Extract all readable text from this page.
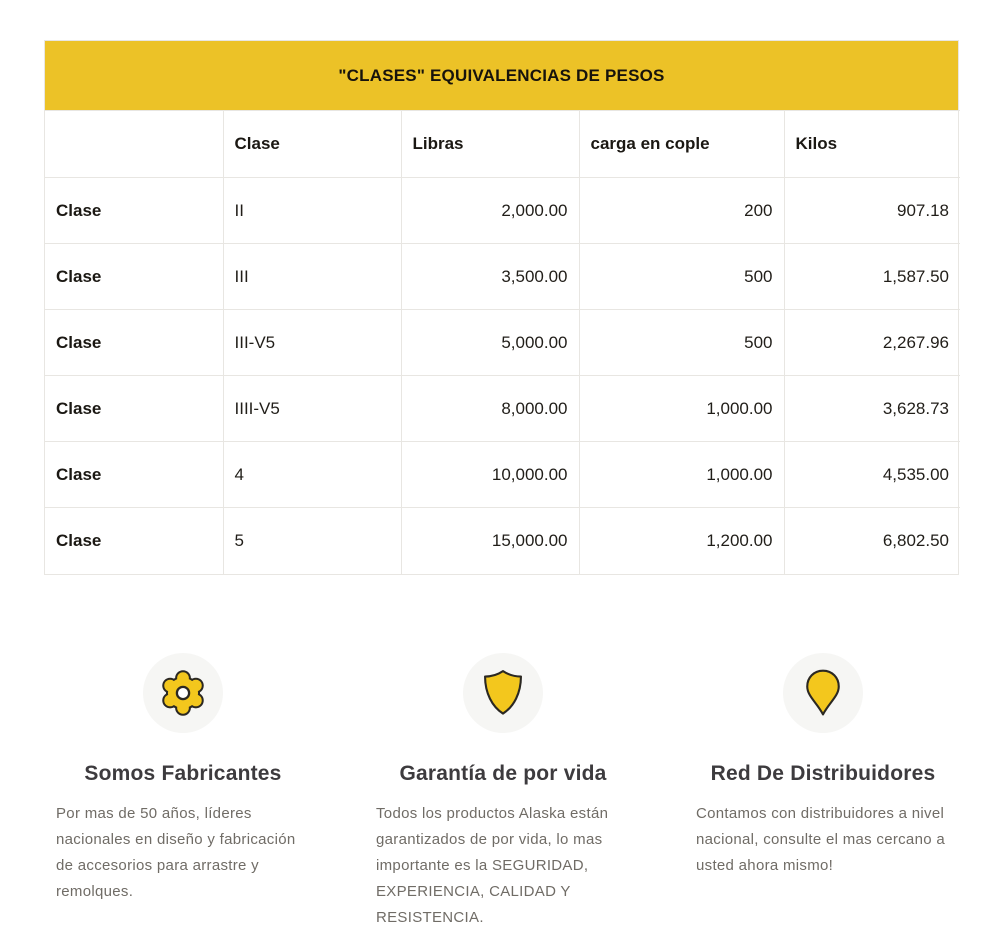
"CLASES" EQUIVALENCIAS DE PESOS
	Clase	Libras	carga en cople	Kilos
Clase	II	2,000.00	200	907.18
Clase	III	3,500.00	500	1,587.50
Clase	III-V5	5,000.00	500	2,267.96
Clase	IIII-V5	8,000.00	1,000.00	3,628.73
Clase	4	10,000.00	1,000.00	4,535.00
Clase	5	15,000.00	1,200.00	6,802.50
Somos Fabricantes

Por mas de 50 años, líderes nacionales en diseño y fabricación de accesorios para arrastre y remolques.

Garantía de por vida

Todos los productos Alaska están garantizados de por vida, lo mas importante es la SEGURIDAD, EXPERIENCIA, CALIDAD Y RESISTENCIA.

Red De Distribuidores

Contamos con distribuidores a nivel nacional, consulte el mas cercano a usted ahora mismo!
